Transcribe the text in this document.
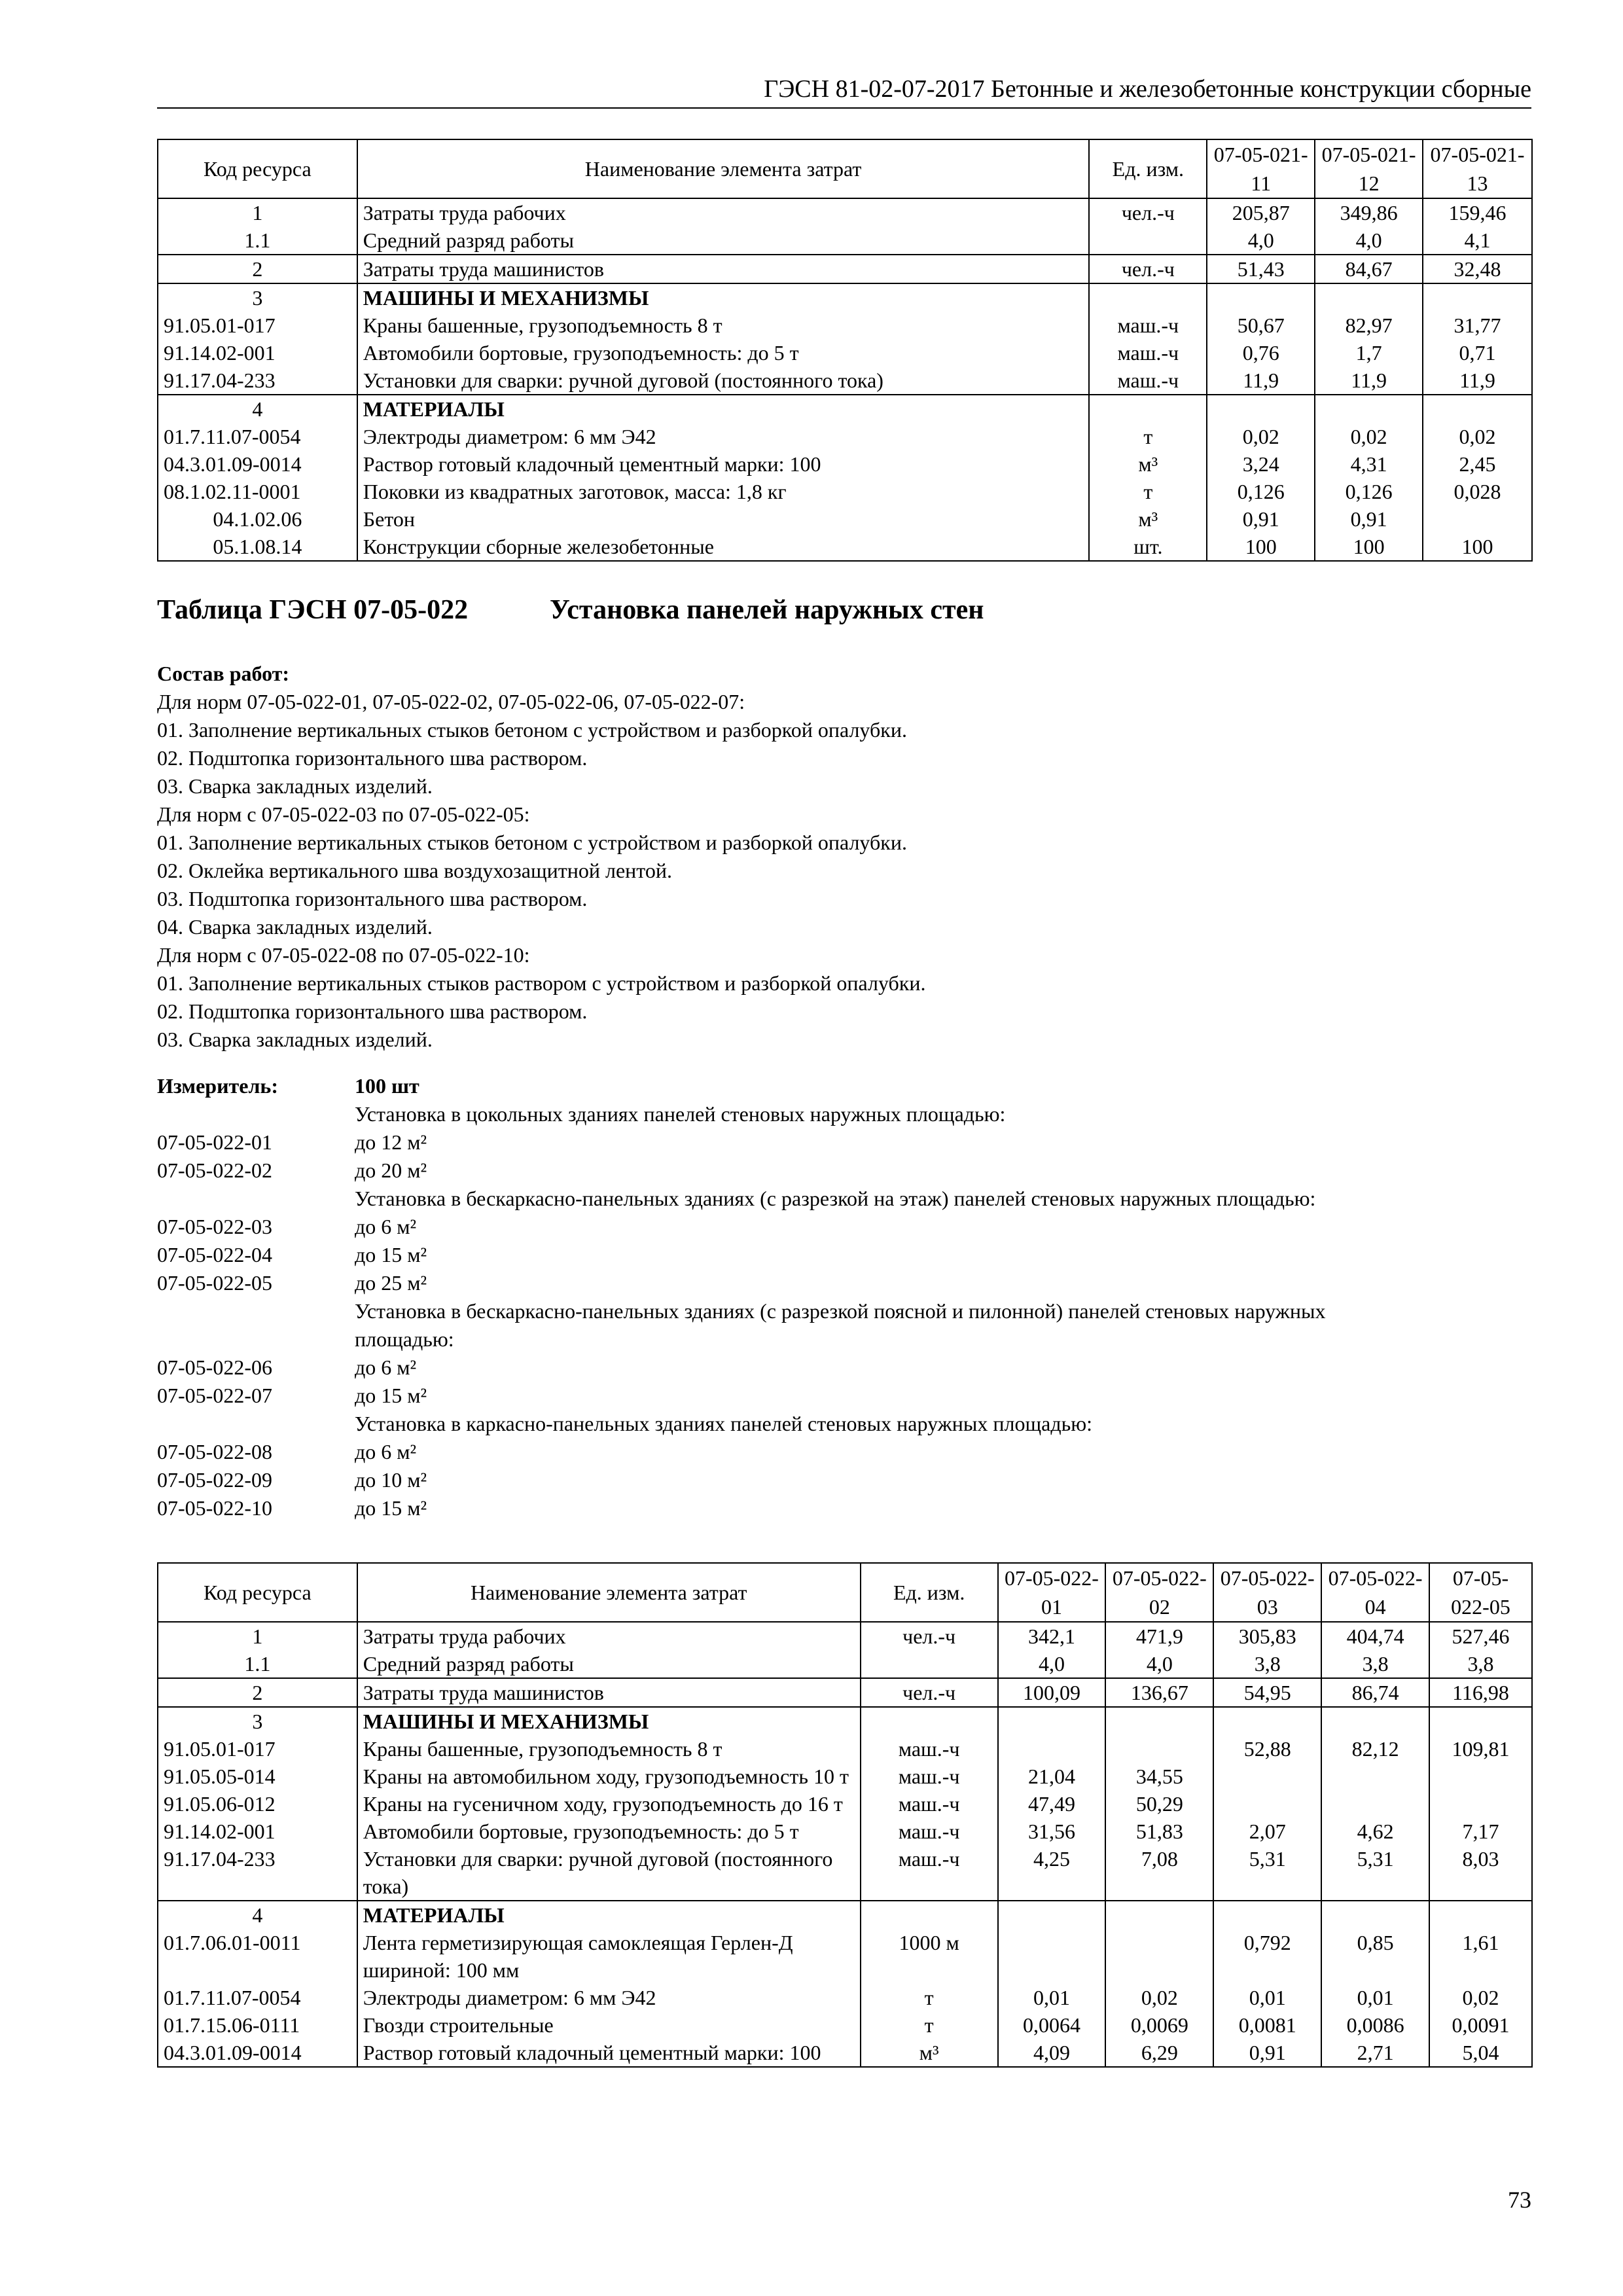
ГЭСН 81-02-07-2017 Бетонные и железобетонные конструкции сборные
Код ресурса	Наименование элемента затрат	Ед. изм.	07-05-021-11	07-05-021-12	07-05-021-13
1	Затраты труда рабочих	чел.-ч	205,87	349,86	159,46
1.1	Средний разряд работы		4,0	4,0	4,1
2	Затраты труда машинистов	чел.-ч	51,43	84,67	32,48
3	МАШИНЫ И МЕХАНИЗМЫ				
91.05.01-017	Краны башенные, грузоподъемность 8 т	маш.-ч	50,67	82,97	31,77
91.14.02-001	Автомобили бортовые, грузоподъемность: до 5 т	маш.-ч	0,76	1,7	0,71
91.17.04-233	Установки для сварки: ручной дуговой (постоянного тока)	маш.-ч	11,9	11,9	11,9
4	МАТЕРИАЛЫ				
01.7.11.07-0054	Электроды диаметром: 6 мм Э42	т	0,02	0,02	0,02
04.3.01.09-0014	Раствор готовый кладочный цементный марки: 100	м³	3,24	4,31	2,45
08.1.02.11-0001	Поковки из квадратных заготовок, масса: 1,8 кг	т	0,126	0,126	0,028
04.1.02.06	Бетон	м³	0,91	0,91	
05.1.08.14	Конструкции сборные железобетонные	шт.	100	100	100
Таблица ГЭСН 07-05-022	Установка панелей наружных стен
Состав работ:
Для норм 07-05-022-01, 07-05-022-02, 07-05-022-06, 07-05-022-07:
01. Заполнение вертикальных стыков бетоном с устройством и разборкой опалубки.
02. Подштопка горизонтального шва раствором.
03. Сварка закладных изделий.
Для норм с 07-05-022-03 по 07-05-022-05:
01. Заполнение вертикальных стыков бетоном с устройством и разборкой опалубки.
02. Оклейка вертикального шва воздухозащитной лентой.
03. Подштопка горизонтального шва раствором.
04. Сварка закладных изделий.
Для норм с 07-05-022-08 по 07-05-022-10:
01. Заполнение вертикальных стыков раствором с устройством и разборкой опалубки.
02. Подштопка горизонтального шва раствором.
03. Сварка закладных изделий.
Измеритель:	100 шт
Установка в цокольных зданиях панелей стеновых наружных площадью:
07-05-022-01	до 12 м²
07-05-022-02	до 20 м²
Установка в бескаркасно-панельных зданиях (с разрезкой на этаж) панелей стеновых наружных площадью:
07-05-022-03	до 6 м²
07-05-022-04	до 15 м²
07-05-022-05	до 25 м²
Установка в бескаркасно-панельных зданиях (с разрезкой поясной и пилонной) панелей стеновых наружных
площадью:
07-05-022-06	до 6 м²
07-05-022-07	до 15 м²
Установка в каркасно-панельных зданиях панелей стеновых наружных площадью:
07-05-022-08	до 6 м²
07-05-022-09	до 10 м²
07-05-022-10	до 15 м²
Код ресурса	Наименование элемента затрат	Ед. изм.	07-05-022-01	07-05-022-02	07-05-022-03	07-05-022-04	07-05-022-05
1	Затраты труда рабочих	чел.-ч	342,1	471,9	305,83	404,74	527,46
1.1	Средний разряд работы		4,0	4,0	3,8	3,8	3,8
2	Затраты труда машинистов	чел.-ч	100,09	136,67	54,95	86,74	116,98
3	МАШИНЫ И МЕХАНИЗМЫ						
91.05.01-017	Краны башенные, грузоподъемность 8 т	маш.-ч			52,88	82,12	109,81
91.05.05-014	Краны на автомобильном ходу, грузоподъемность 10 т	маш.-ч	21,04	34,55			
91.05.06-012	Краны на гусеничном ходу, грузоподъемность до 16 т	маш.-ч	47,49	50,29			
91.14.02-001	Автомобили бортовые, грузоподъемность: до 5 т	маш.-ч	31,56	51,83	2,07	4,62	7,17
91.17.04-233	Установки для сварки: ручной дуговой (постоянного тока)	маш.-ч	4,25	7,08	5,31	5,31	8,03
4	МАТЕРИАЛЫ						
01.7.06.01-0011	Лента герметизирующая самоклеящая Герлен-Д шириной: 100 мм	1000 м			0,792	0,85	1,61
01.7.11.07-0054	Электроды диаметром: 6 мм Э42	т	0,01	0,02	0,01	0,01	0,02
01.7.15.06-0111	Гвозди строительные	т	0,0064	0,0069	0,0081	0,0086	0,0091
04.3.01.09-0014	Раствор готовый кладочный цементный марки: 100	м³	4,09	6,29	0,91	2,71	5,04
73
